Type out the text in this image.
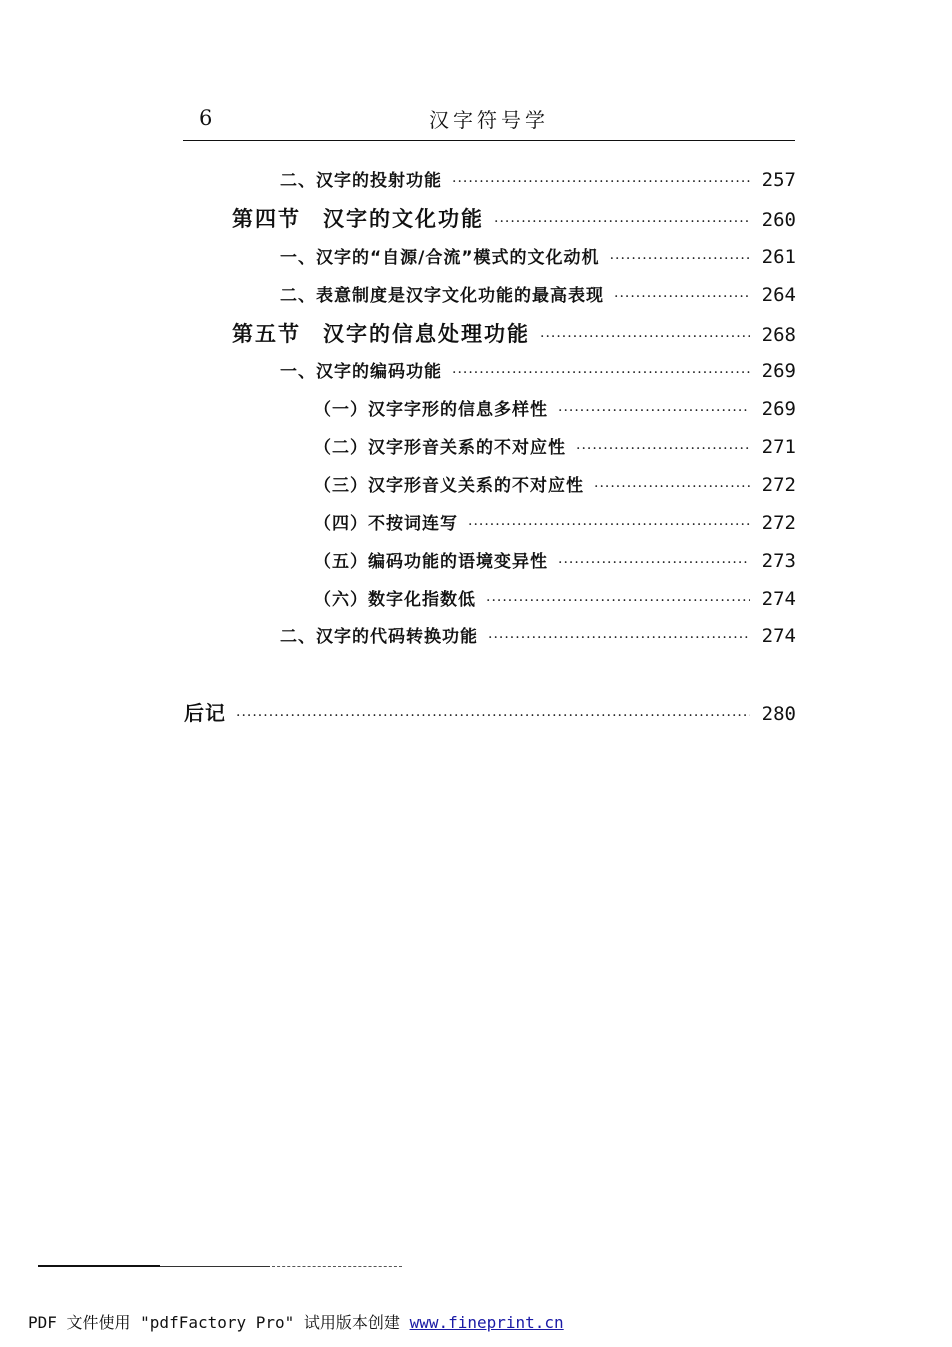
6	汉字符号学
二、汉字的投射功能 ·····	257
第四节 汉字的文化功能 ·····	260
一、汉字的“自源/合流”模式的文化动机 ·····	261
二、表意制度是汉字文化功能的最高表现 ·····	264
第五节 汉字的信息处理功能 ·····	268
一、汉字的编码功能 ·····	269
（一）汉字字形的信息多样性 ·····	269
（二）汉字形音关系的不对应性 ·····	271
（三）汉字形音义关系的不对应性 ·····	272
（四）不按词连写 ·····	272
（五）编码功能的语境变异性 ·····	273
（六）数字化指数低 ·····	274
二、汉字的代码转换功能 ·····	274
后记 ·····	280
PDF 文件使用 "pdfFactory Pro" 试用版本创建 www.fineprint.cn
